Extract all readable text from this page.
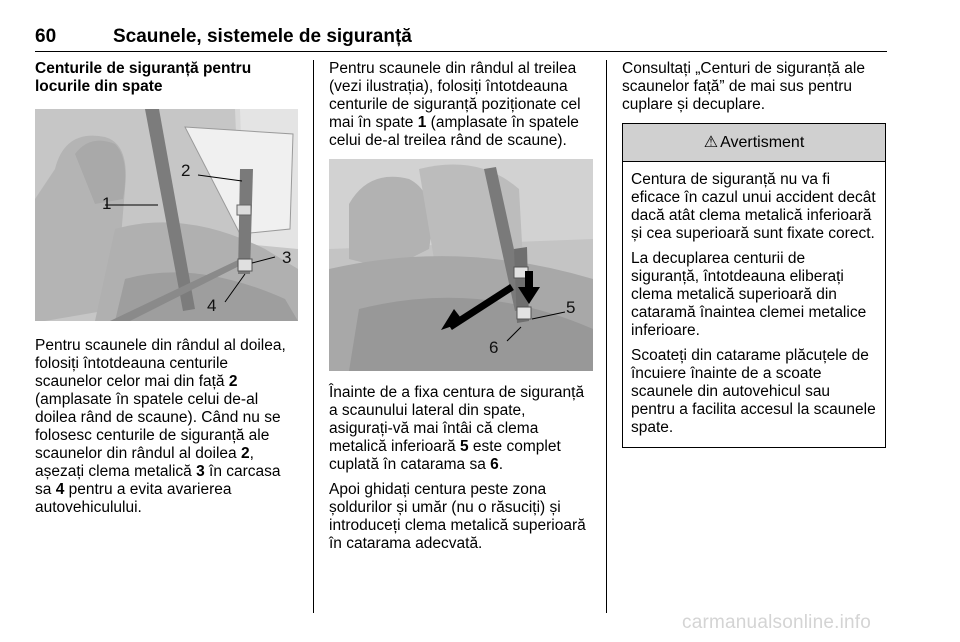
60	Scaunele, sistemele de siguranță
Centurile de siguranță pentru locurile din spate
1
2
3
4

Pentru scaunele din rândul al doilea, folosiți întotdeauna centurile scaunelor celor mai din față 2 (amplasate în spatele celui de-al doilea rând de scaune). Când nu se folosesc centurile de siguranță ale scaunelor din rândul al doilea 2, așezați clema metalică 3 în carcasa sa 4 pentru a evita avarierea autovehiculului.

Pentru scaunele din rândul al treilea (vezi ilustrația), folosiți întotdeauna centurile de siguranță poziționate cel mai în spate 1 (amplasate în spatele celui de-al treilea rând de scaune).

5
6

Înainte de a fixa centura de siguranță a scaunului lateral din spate, asigurați-vă mai întâi că clema metalică inferioară 5 este complet cuplată în catarama sa 6.

Apoi ghidați centura peste zona șoldurilor și umăr (nu o răsuciți) și introduceți clema metalică superioară în catarama adecvată.

Consultați „Centuri de siguranță ale scaunelor față” de mai sus pentru cuplare și decuplare.

⚠ Avertisment

Centura de siguranță nu va fi eficace în cazul unui accident decât dacă atât clema metalică inferioară și cea superioară sunt fixate corect.

La decuplarea centurii de siguranță, întotdeauna eliberați clema metalică superioară din cataramă înaintea clemei metalice inferioare.

Scoateți din catarame plăcuțele de încuiere înainte de a scoate scaunele din autovehicul sau pentru a facilita accesul la scaunele spate.

carmanualsonline.info
